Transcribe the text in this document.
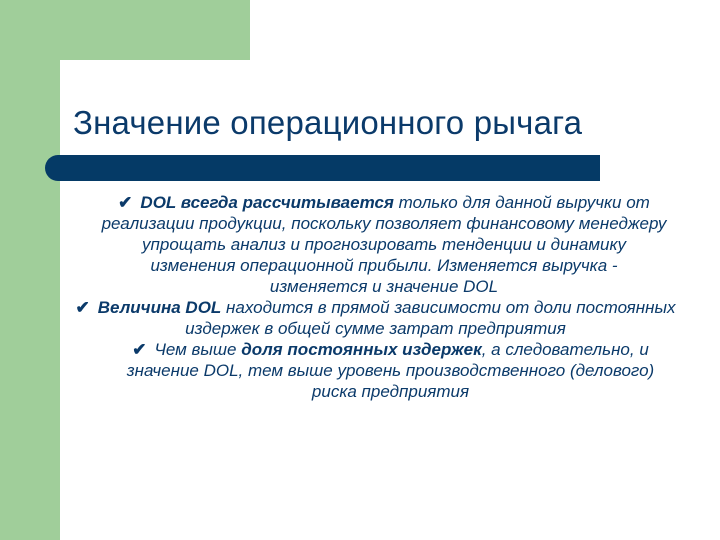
Значение операционного рычага

✔ DOL всегда рассчитывается только для данной выручки от реализации продукции, поскольку позволяет финансовому менеджеру упрощать анализ и прогнозировать тенденции и динамику изменения операционной прибыли. Изменяется выручка - изменяется и значение DOL

✔ Величина DOL находится в прямой зависимости от доли постоянных издержек в общей сумме затрат предприятия

✔ Чем выше доля постоянных издержек, а следовательно, и значение DOL, тем выше уровень производственного (делового) риска предприятия
